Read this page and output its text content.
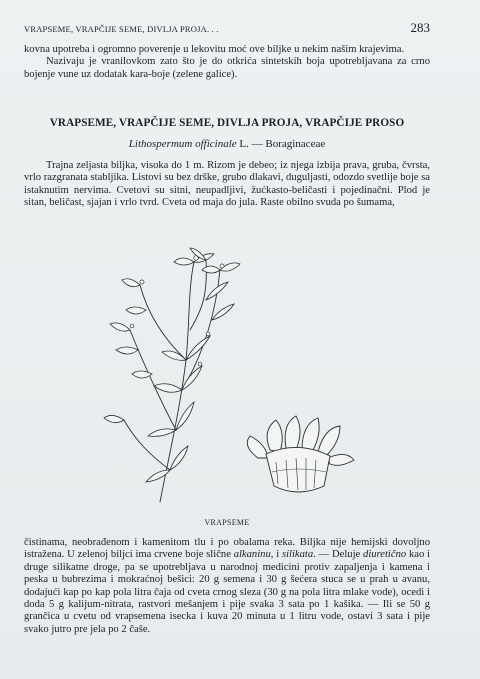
VRAPSEME, VRAPČIJE SEME, DIVLJA PROJA. . .	283

kovna upotreba i ogromno poverenje u lekovitu moć ove biljke u nekim našim krajevima.

Nazivaju je vranilovkom zato što je do otkrića sintetskih boja upotrebljavana za crno bojenje vune uz dodatak kara-boje (zelene galice).

VRAPSEME, VRAPČIJE SEME, DIVLJA PROJA, VRAPČIJE PROSO
Lithospermum officinale L. — Boraginaceae

Trajna zeljasta biljka, visoka do 1 m. Rizom je debeo; iz njega izbija prava, gruba, čvrsta, vrlo razgranata stabljika. Listovi su bez drške, grubo dlakavi, duguljasti, odozdo svetlije boje sa istaknutim nervima. Cvetovi su sitni, neupadljivi, žućkasto-beličasti i pojedinačni. Plod je sitan, beličast, sjajan i vrlo tvrd. Cveta od maja do jula. Raste obilno svuda po šumama,

VRAPSEME

čistinama, neobrađenom i kamenitom tlu i po obalama reka. Biljka nije hemijski dovoljno istražena. U zelenoj biljci ima crvene boje slične alkaninu, i silikata. — Deluje diuretično kao i druge silikatne droge, pa se upotrebljava u narodnoj medicini protiv zapaljenja i kamena i peska u bubrezima i mokraćnoj bešici: 20 g semena i 30 g šećera stuca se u prah u avanu, dodajući kap po kap pola litra čaja od cveta crnog sleza (30 g na pola litra mlake vode), ocedi i doda 5 g kalijum-nitrata, rastvori mešanjem i pije svaka 3 sata po 1 kašika. — Ili se 50 g grančica u cvetu od vrapsemena isecka i kuva 20 minuta u 1 litru vode, ostavi 3 sata i pije svako jutro pre jela po 2 čaše.
